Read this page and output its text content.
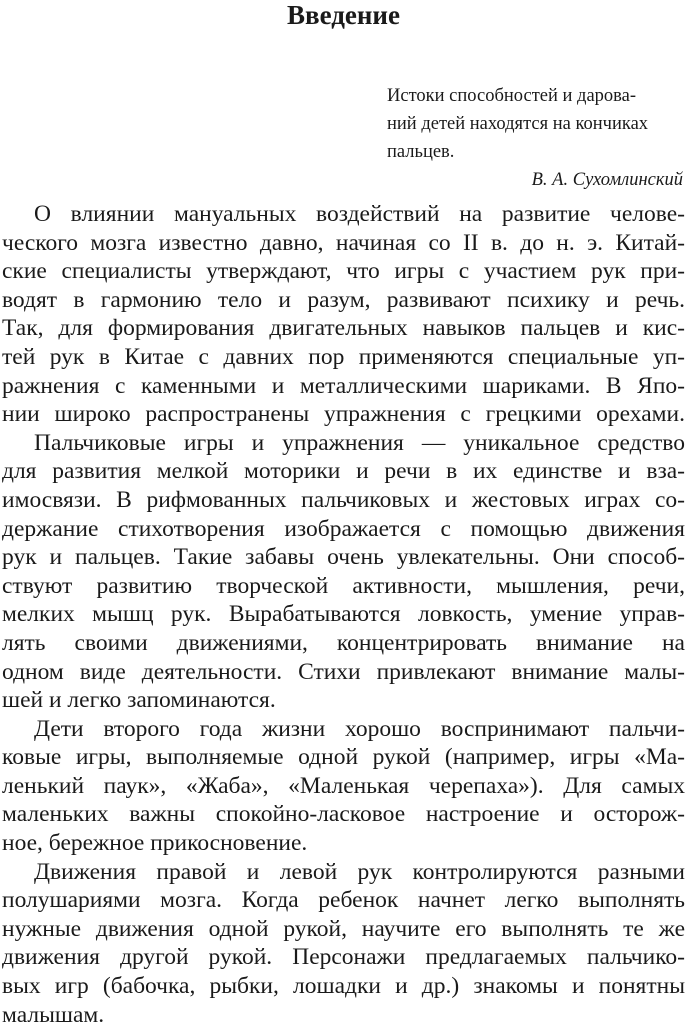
Введение
Истоки способностей и дарова-
ний детей находятся на кончиках
пальцев.
В. А. Сухомлинский
О влиянии мануальных воздействий на развитие челове-
ческого мозга известно давно, начиная со II в. до н. э. Китай-
ские специалисты утверждают, что игры с участием рук при-
водят в гармонию тело и разум, развивают психику и речь.
Так, для формирования двигательных навыков пальцев и кис-
тей рук в Китае с давних пор применяются специальные уп-
ражнения с каменными и металлическими шариками. В Япо-
нии широко распространены упражнения с грецкими орехами.
Пальчиковые игры и упражнения — уникальное средство
для развития мелкой моторики и речи в их единстве и вза-
имосвязи. В рифмованных пальчиковых и жестовых играх со-
держание стихотворения изображается с помощью движения
рук и пальцев. Такие забавы очень увлекательны. Они способ-
ствуют развитию творческой активности, мышления, речи,
мелких мышц рук. Вырабатываются ловкость, умение управ-
лять своими движениями, концентрировать внимание на
одном виде деятельности. Стихи привлекают внимание малы-
шей и легко запоминаются.
Дети второго года жизни хорошо воспринимают пальчи-
ковые игры, выполняемые одной рукой (например, игры «Ма-
ленький паук», «Жаба», «Маленькая черепаха»). Для самых
маленьких важны спокойно-ласковое настроение и осторож-
ное, бережное прикосновение.
Движения правой и левой рук контролируются разными
полушариями мозга. Когда ребенок начнет легко выполнять
нужные движения одной рукой, научите его выполнять те же
движения другой рукой. Персонажи предлагаемых пальчико-
вых игр (бабочка, рыбки, лошадки и др.) знакомы и понятны
малышам.
